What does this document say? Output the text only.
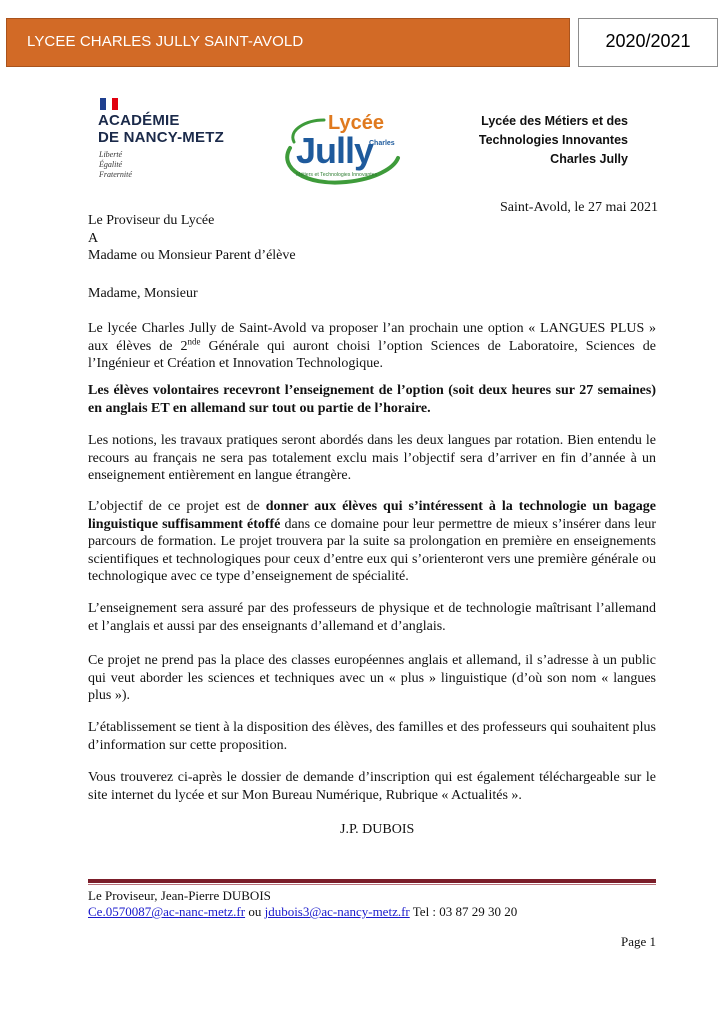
LYCEE CHARLES JULLY SAINT-AVOLD	2020/2021
ACADÉMIE
DE NANCY-METZ
Liberté
Égalité
Fraternité
Lycée
Jully
Charles
Métiers et Technologies Innovantes
Lycée des Métiers et des
Technologies Innovantes
Charles Jully
Saint-Avold, le 27 mai 2021
Le Proviseur du Lycée
A
Madame ou Monsieur Parent d’élève
Madame, Monsieur

Le lycée Charles Jully de Saint-Avold va proposer l’an prochain une option « LANGUES PLUS » aux élèves de 2nde Générale qui auront choisi l’option Sciences de Laboratoire, Sciences de l’Ingénieur et Création et Innovation Technologique.

Les élèves volontaires recevront l’enseignement de l’option (soit deux heures sur 27 semaines) en anglais ET en allemand sur tout ou partie de l’horaire.

Les notions, les travaux pratiques seront abordés dans les deux langues par rotation. Bien entendu le recours au français ne sera pas totalement exclu mais l’objectif sera d’arriver en fin d’année à un enseignement entièrement en langue étrangère.

L’objectif de ce projet est de donner aux élèves qui s’intéressent à la technologie un bagage linguistique suffisamment étoffé dans ce domaine pour leur permettre de mieux s’insérer dans leur parcours de formation. Le projet trouvera par la suite sa prolongation en première en enseignements scientifiques et technologiques pour ceux d’entre eux qui s’orienteront vers une première générale ou technologique avec ce type d’enseignement de spécialité.

L’enseignement sera assuré par des professeurs de physique et de technologie maîtrisant l’allemand et l’anglais et aussi par des enseignants d’allemand et d’anglais.

Ce projet ne prend pas la place des classes européennes anglais et allemand, il s’adresse à un public qui veut aborder les sciences et techniques avec un « plus » linguistique (d’où son nom « langues plus »).

L’établissement se tient à la disposition des élèves, des familles et des professeurs qui souhaitent plus d’information sur cette proposition.

Vous trouverez ci-après le dossier de demande d’inscription qui est également téléchargeable sur le site internet du lycée et sur Mon Bureau Numérique, Rubrique « Actualités ».

J.P. DUBOIS
Le Proviseur, Jean-Pierre DUBOIS
Ce.0570087@ac-nanc-metz.fr ou jdubois3@ac-nancy-metz.fr Tel : 03 87 29 30 20
Page 1
